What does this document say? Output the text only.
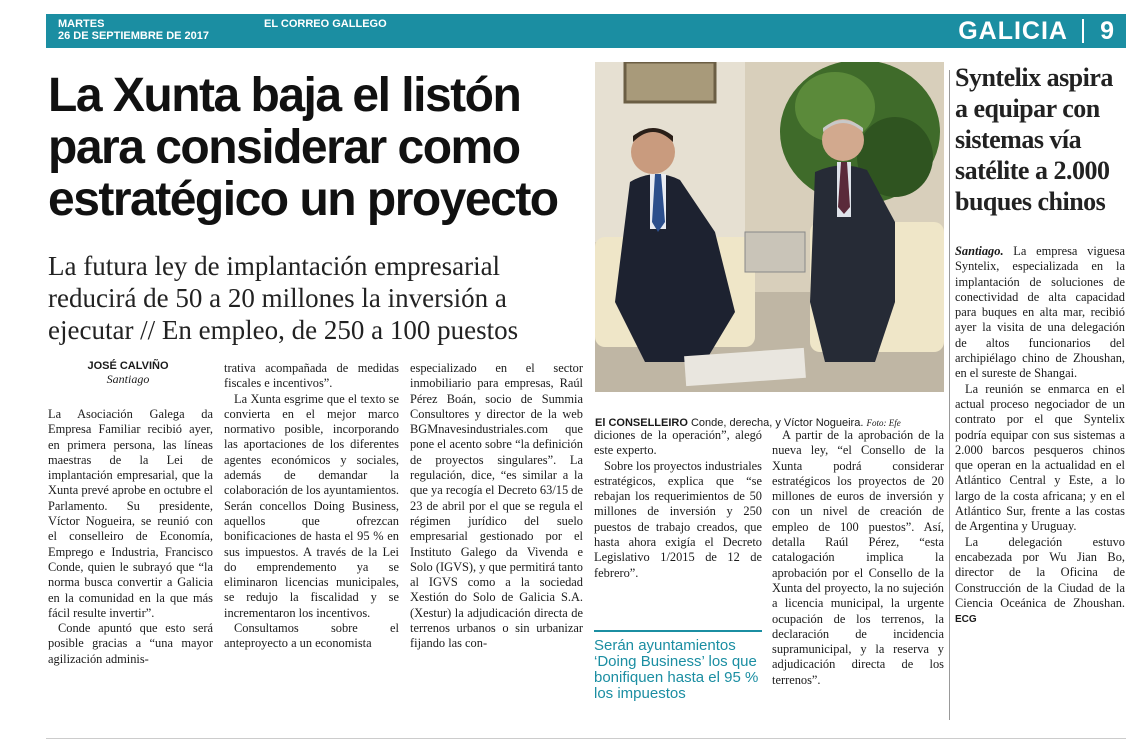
MARTES
26 DE SEPTIEMBRE DE 2017
EL CORREO GALLEGO	GALICIA 9
La Xunta baja el listón para considerar como estratégico un proyecto
La futura ley de implantación empresarial reducirá de 50 a 20 millones la inversión a ejecutar // En empleo, de 250 a 100 puestos
JOSÉ CALVIÑO
Santiago

La Asociación Galega da Empresa Familiar recibió ayer, en primera persona, las líneas maestras de la Lei de implantación empresarial, que la Xunta prevé aprobe en octubre el Parlamento. Su presidente, Víctor Nogueira, se reunió con el conselleiro de Economía, Emprego e Industria, Francisco Conde, quien le subrayó que “la norma busca convertir a Galicia en la comunidad en la que más fácil resulte invertir”.

Conde apuntó que esto será posible gracias a “una mayor agilización adminis-

trativa acompañada de medidas fiscales e incentivos”.

La Xunta esgrime que el texto se convierta en el mejor marco normativo posible, incorporando las aportaciones de los diferentes agentes económicos y sociales, además de demandar la colaboración de los ayuntamientos. Serán concellos Doing Business, aquellos que ofrezcan bonificaciones de hasta el 95 % en sus impuestos. A través de la Lei do emprendemento ya se eliminaron licencias municipales, se redujo la fiscalidad y se incrementaron los incentivos.

Consultamos sobre el anteproyecto a un economista

especializado en el sector inmobiliario para empresas, Raúl Pérez Boán, socio de Summia Consultores y director de la web BGMnavesindustriales.com que pone el acento sobre “la definición de proyectos singulares”. La regulación, dice, “es similar a la que ya recogía el Decreto 63/15 de 23 de abril por el que se regula el régimen jurídico del suelo empresarial gestionado por el Instituto Galego da Vivenda e Solo (IGVS), y que permitirá tanto al IGVS como a la sociedad Xestión do Solo de Galicia S.A. (Xestur) la adjudicación directa de terrenos urbanos o sin urbanizar fijando las con-

diciones de la operación”, alegó este experto.

Sobre los proyectos industriales estratégicos, explica que “se rebajan los requerimientos de 50 millones de inversión y 250 puestos de trabajo creados, que hasta ahora exigía el Decreto Legislativo 1/2015 de 12 de febrero”.

A partir de la aprobación de la nueva ley, “el Consello de la Xunta podrá considerar estratégicos los proyectos de 20 millones de euros de inversión y con un nivel de creación de empleo de 100 puestos”. Así, detalla Raúl Pérez, “esta catalogación implica la aprobación por el Consello de la Xunta del proyecto, la no sujeción a licencia municipal, la urgente ocupación de los terrenos, la declaración de incidencia supramunicipal, y la reserva y adjudicación directa de los terrenos”.

El CONSELLEIRO Conde, derecha, y Víctor Nogueira. Foto: Efe
Serán ayuntamientos ‘Doing Business’ los que bonifiquen hasta el 95 % los impuestos
Syntelix aspira a equipar con sistemas vía satélite a 2.000 buques chinos

Santiago. La empresa viguesa Syntelix, especializada en la implantación de soluciones de conectividad de alta capacidad para buques en alta mar, recibió ayer la visita de una delegación de altos funcionarios del archipiélago chino de Zhoushan, en el sureste de Shangai.

La reunión se enmarca en el actual proceso negociador de un contrato por el que Syntelix podría equipar con sus sistemas a 2.000 barcos pesqueros chinos que operan en la actualidad en el Atlántico Central y Este, a lo largo de la costa africana; y en el Atlántico Sur, frente a las costas de Argentina y Uruguay.

La delegación estuvo encabezada por Wu Jian Bo, director de la Oficina de Construcción de la Ciudad de la Ciencia Oceánica de Zhoushan. ECG
